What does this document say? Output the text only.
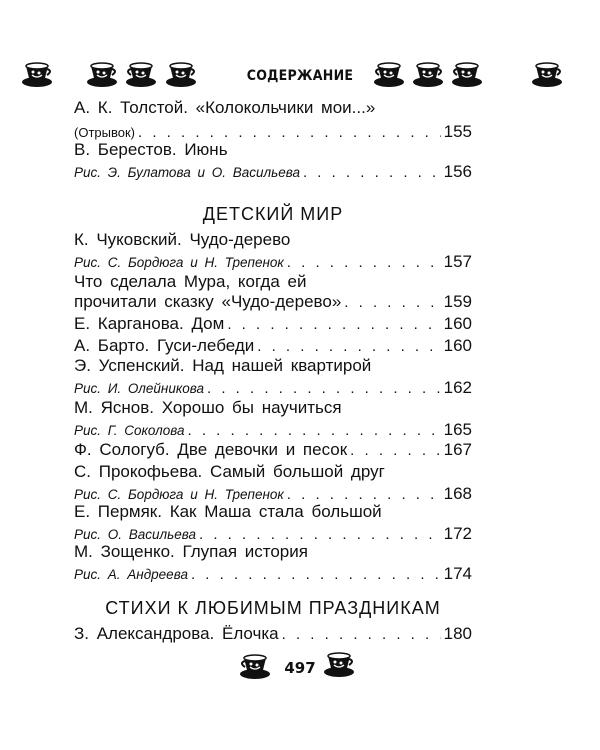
СОДЕРЖАНИЕ
А. К. Толстой. «Колокольчики мои...»
(Отрывок) . . .	155
В. Берестов. Июнь
Рис. Э. Булатова и О. Васильева . . .	156
ДЕТСКИЙ МИР
К. Чуковский. Чудо-дерево
Рис. С. Бордюга и Н. Трепенок . . .	157
Что сделала Мура, когда ей
прочитали сказку «Чудо-дерево» . . .	159
Е. Карганова. Дом . . .	160
А. Барто. Гуси-лебеди . . .	160
Э. Успенский. Над нашей квартирой
Рис. И. Олейникова . . .	162
М. Яснов. Хорошо бы научиться
Рис. Г. Соколова . . .	165
Ф. Сологуб. Две девочки и песок . . .	167
С. Прокофьева. Самый большой друг
Рис. С. Бордюга и Н. Трепенок . . .	168
Е. Пермяк. Как Маша стала большой
Рис. О. Васильева . . .	172
М. Зощенко. Глупая история
Рис. А. Андреева . . .	174
СТИХИ К ЛЮБИМЫМ ПРАЗДНИКАМ
З. Александрова. Ёлочка . . .	180
497
